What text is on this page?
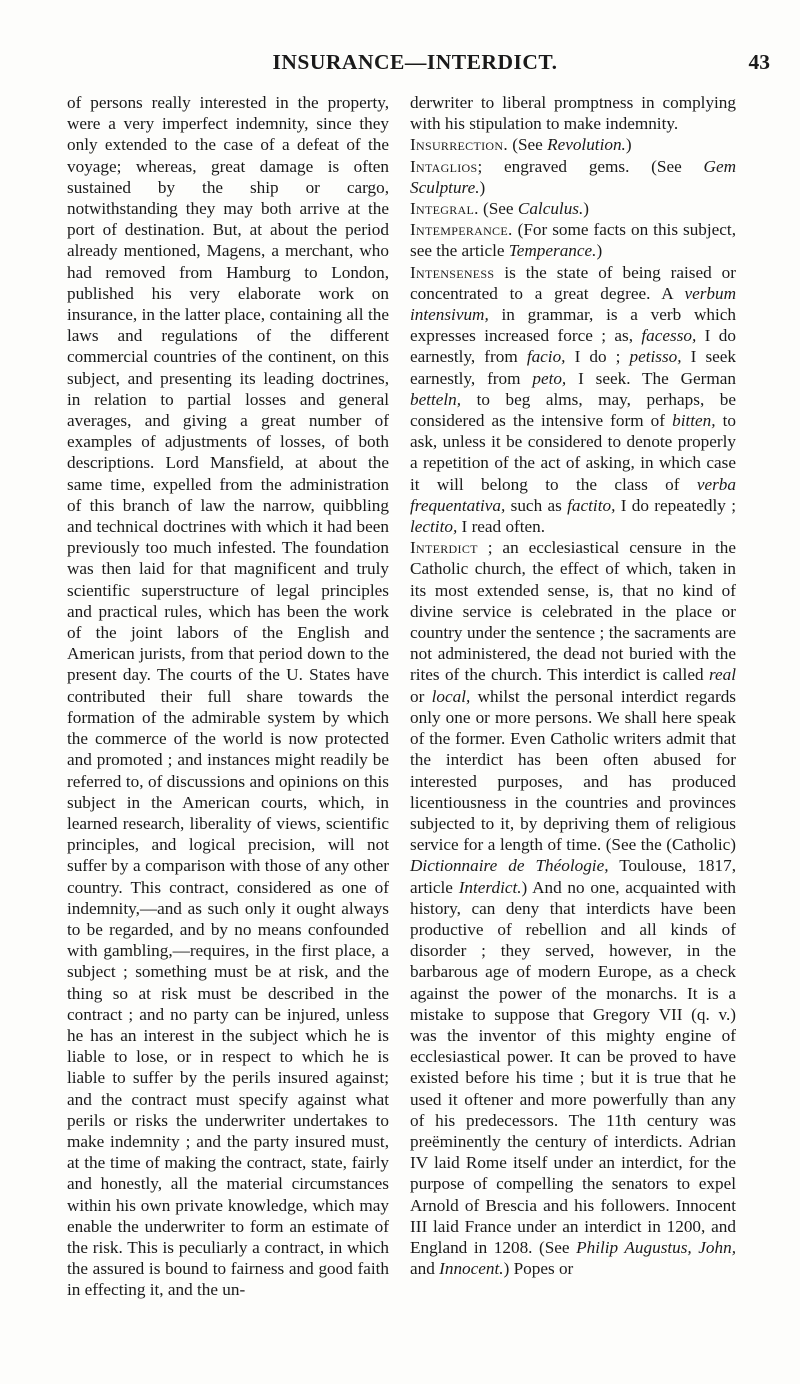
INSURANCE—INTERDICT.	43

of persons really interested in the property, were a very imperfect indemnity, since they only extended to the case of a defeat of the voyage; whereas, great damage is often sustained by the ship or cargo, notwithstanding they may both arrive at the port of destination. But, at about the period already mentioned, Magens, a merchant, who had removed from Hamburg to London, published his very elaborate work on insurance, in the latter place, containing all the laws and regulations of the different commercial countries of the continent, on this subject, and presenting its leading doctrines, in relation to partial losses and general averages, and giving a great number of examples of adjustments of losses, of both descriptions. Lord Mansfield, at about the same time, expelled from the administration of this branch of law the narrow, quibbling and technical doctrines with which it had been previously too much infested. The foundation was then laid for that magnificent and truly scientific superstructure of legal principles and practical rules, which has been the work of the joint labors of the English and American jurists, from that period down to the present day. The courts of the U. States have contributed their full share towards the formation of the admirable system by which the commerce of the world is now protected and promoted ; and instances might readily be referred to, of discussions and opinions on this subject in the American courts, which, in learned research, liberality of views, scientific principles, and logical precision, will not suffer by a comparison with those of any other country. This contract, considered as one of indemnity,—and as such only it ought always to be regarded, and by no means confounded with gambling,—requires, in the first place, a subject ; something must be at risk, and the thing so at risk must be described in the contract ; and no party can be injured, unless he has an interest in the subject which he is liable to lose, or in respect to which he is liable to suffer by the perils insured against; and the contract must specify against what perils or risks the underwriter undertakes to make indemnity ; and the party insured must, at the time of making the contract, state, fairly and honestly, all the material circumstances within his own private knowledge, which may enable the underwriter to form an estimate of the risk. This is peculiarly a contract, in which the assured is bound to fairness and good faith in effecting it, and the un-

derwriter to liberal promptness in complying with his stipulation to make indemnity.

Insurrection. (See Revolution.)

Intaglios; engraved gems. (See Gem Sculpture.)

Integral. (See Calculus.)

Intemperance. (For some facts on this subject, see the article Temperance.)

Intenseness is the state of being raised or concentrated to a great degree. A verbum intensivum, in grammar, is a verb which expresses increased force ; as, facesso, I do earnestly, from facio, I do ; petisso, I seek earnestly, from peto, I seek. The German betteln, to beg alms, may, perhaps, be considered as the intensive form of bitten, to ask, unless it be considered to denote properly a repetition of the act of asking, in which case it will belong to the class of verba frequentativa, such as factito, I do repeatedly ; lectito, I read often.

Interdict ; an ecclesiastical censure in the Catholic church, the effect of which, taken in its most extended sense, is, that no kind of divine service is celebrated in the place or country under the sentence ; the sacraments are not administered, the dead not buried with the rites of the church. This interdict is called real or local, whilst the personal interdict regards only one or more persons. We shall here speak of the former. Even Catholic writers admit that the interdict has been often abused for interested purposes, and has produced licentiousness in the countries and provinces subjected to it, by depriving them of religious service for a length of time. (See the (Catholic) Dictionnaire de Théologie, Toulouse, 1817, article Interdict.) And no one, acquainted with history, can deny that interdicts have been productive of rebellion and all kinds of disorder ; they served, however, in the barbarous age of modern Europe, as a check against the power of the monarchs. It is a mistake to suppose that Gregory VII (q. v.) was the inventor of this mighty engine of ecclesiastical power. It can be proved to have existed before his time ; but it is true that he used it oftener and more powerfully than any of his predecessors. The 11th century was preëminently the century of interdicts. Adrian IV laid Rome itself under an interdict, for the purpose of compelling the senators to expel Arnold of Brescia and his followers. Innocent III laid France under an interdict in 1200, and England in 1208. (See Philip Augustus, John, and Innocent.) Popes or
